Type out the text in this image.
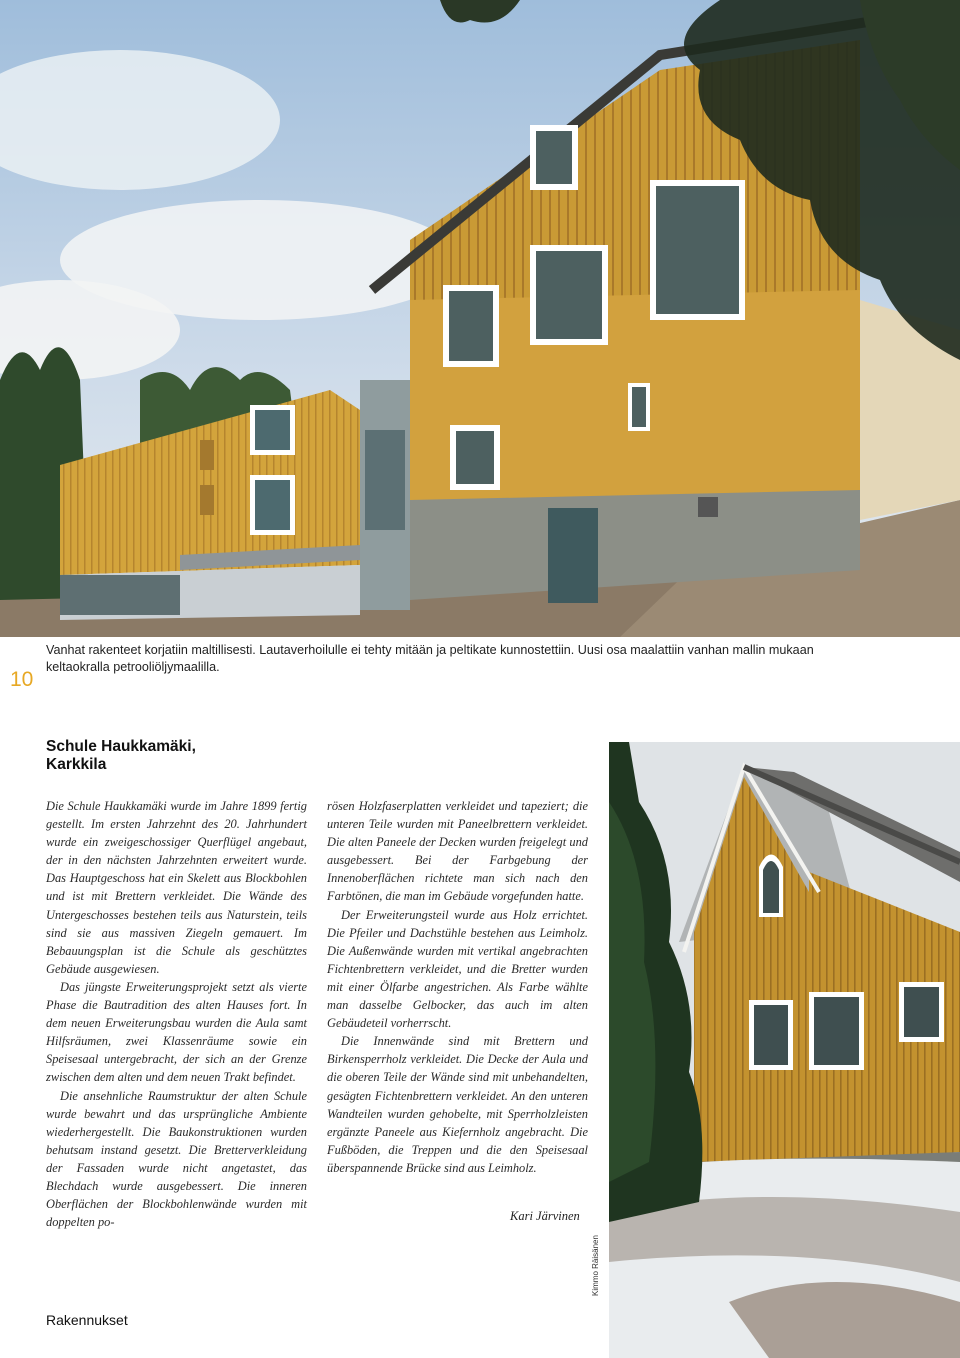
10
Vanhat rakenteet korjatiin maltillisesti. Lautaverhoilulle ei tehty mitään ja peltikate kunnostettiin. Uusi osa maalattiin vanhan mallin mukaan keltaokralla petrooliöljymaalilla.
Schule Haukkamäki,
Karkkila

Die Schule Haukkamäki wurde im Jahre 1899 fertig gestellt. Im ersten Jahrzehnt des 20. Jahrhundert wurde ein zweigeschossiger Querflügel angebaut, der in den nächsten Jahrzehnten erweitert wurde. Das Hauptgeschoss hat ein Skelett aus Blockbohlen und ist mit Brettern verkleidet. Die Wände des Untergeschosses bestehen teils aus Naturstein, teils sind sie aus massiven Ziegeln gemauert. Im Bebauungsplan ist die Schule als geschütztes Gebäude ausgewiesen.

Das jüngste Erweiterungsprojekt setzt als vierte Phase die Bautradition des alten Hauses fort. In dem neuen Erweiterungsbau wurden die Aula samt Hilfsräumen, zwei Klassenräume sowie ein Speisesaal untergebracht, der sich an der Grenze zwischen dem alten und dem neuen Trakt befindet.

Die ansehnliche Raumstruktur der alten Schule wurde bewahrt und das ursprüngliche Ambiente wiederhergestellt. Die Baukonstruktionen wurden behutsam instand gesetzt. Die Bretterverkleidung der Fassaden wurde nicht angetastet, das Blechdach wurde ausgebessert. Die inneren Oberflächen der Blockbohlenwände wurden mit doppelten po-

rösen Holzfaserplatten verkleidet und tapeziert; die unteren Teile wurden mit Paneelbrettern verkleidet. Die alten Paneele der Decken wurden freigelegt und ausgebessert. Bei der Farbgebung der Innenoberflächen richtete man sich nach den Farbtönen, die man im Gebäude vorgefunden hatte.

Der Erweiterungsteil wurde aus Holz errichtet. Die Pfeiler und Dachstühle bestehen aus Leimholz. Die Außenwände wurden mit vertikal angebrachten Fichtenbrettern verkleidet, und die Bretter wurden mit einer Ölfarbe angestrichen. Als Farbe wählte man dasselbe Gelbocker, das auch im alten Gebäudeteil vorherrscht.

Die Innenwände sind mit Brettern und Birkensperrholz verkleidet. Die Decke der Aula und die oberen Teile der Wände sind mit unbehandelten, gesägten Fichtenbrettern verkleidet. An den unteren Wandteilen wurden gehobelte, mit Sperrholzleisten ergänzte Paneele aus Kiefernholz angebracht. Die Fußböden, die Treppen und die den Speisesaal überspannende Brücke sind aus Leimholz.

Kari Järvinen
Rakennukset
Kimmo Räisänen
